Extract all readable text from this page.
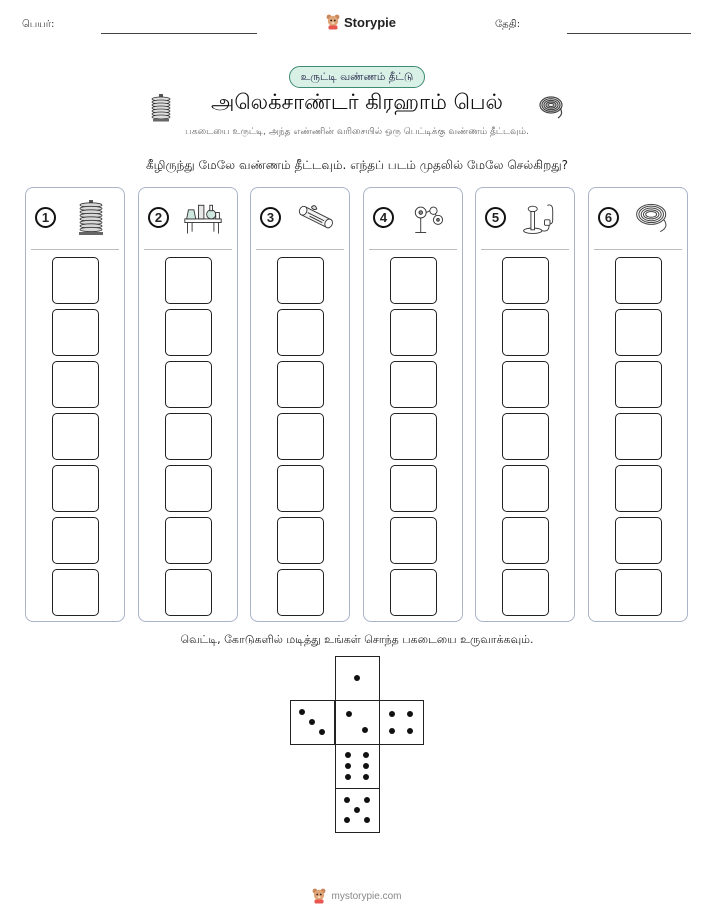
பெயர்:	Storypie	தேதி:
உருட்டி வண்ணம் தீட்டு
அலெக்சாண்டர் கிரஹாம் பெல்
பகடையை உருட்டி, அந்த எண்ணின் வரிசையில் ஒரு பெட்டிக்கு வண்ணம் தீட்டவும்.
கீழிருந்து மேலே வண்ணம் தீட்டவும். எந்தப் படம் முதலில் மேலே செல்கிறது?
1	2	3	4	5	6
வெட்டி, கோடுகளில் மடித்து உங்கள் சொந்த பகடையை உருவாக்கவும்.
mystorypie.com
